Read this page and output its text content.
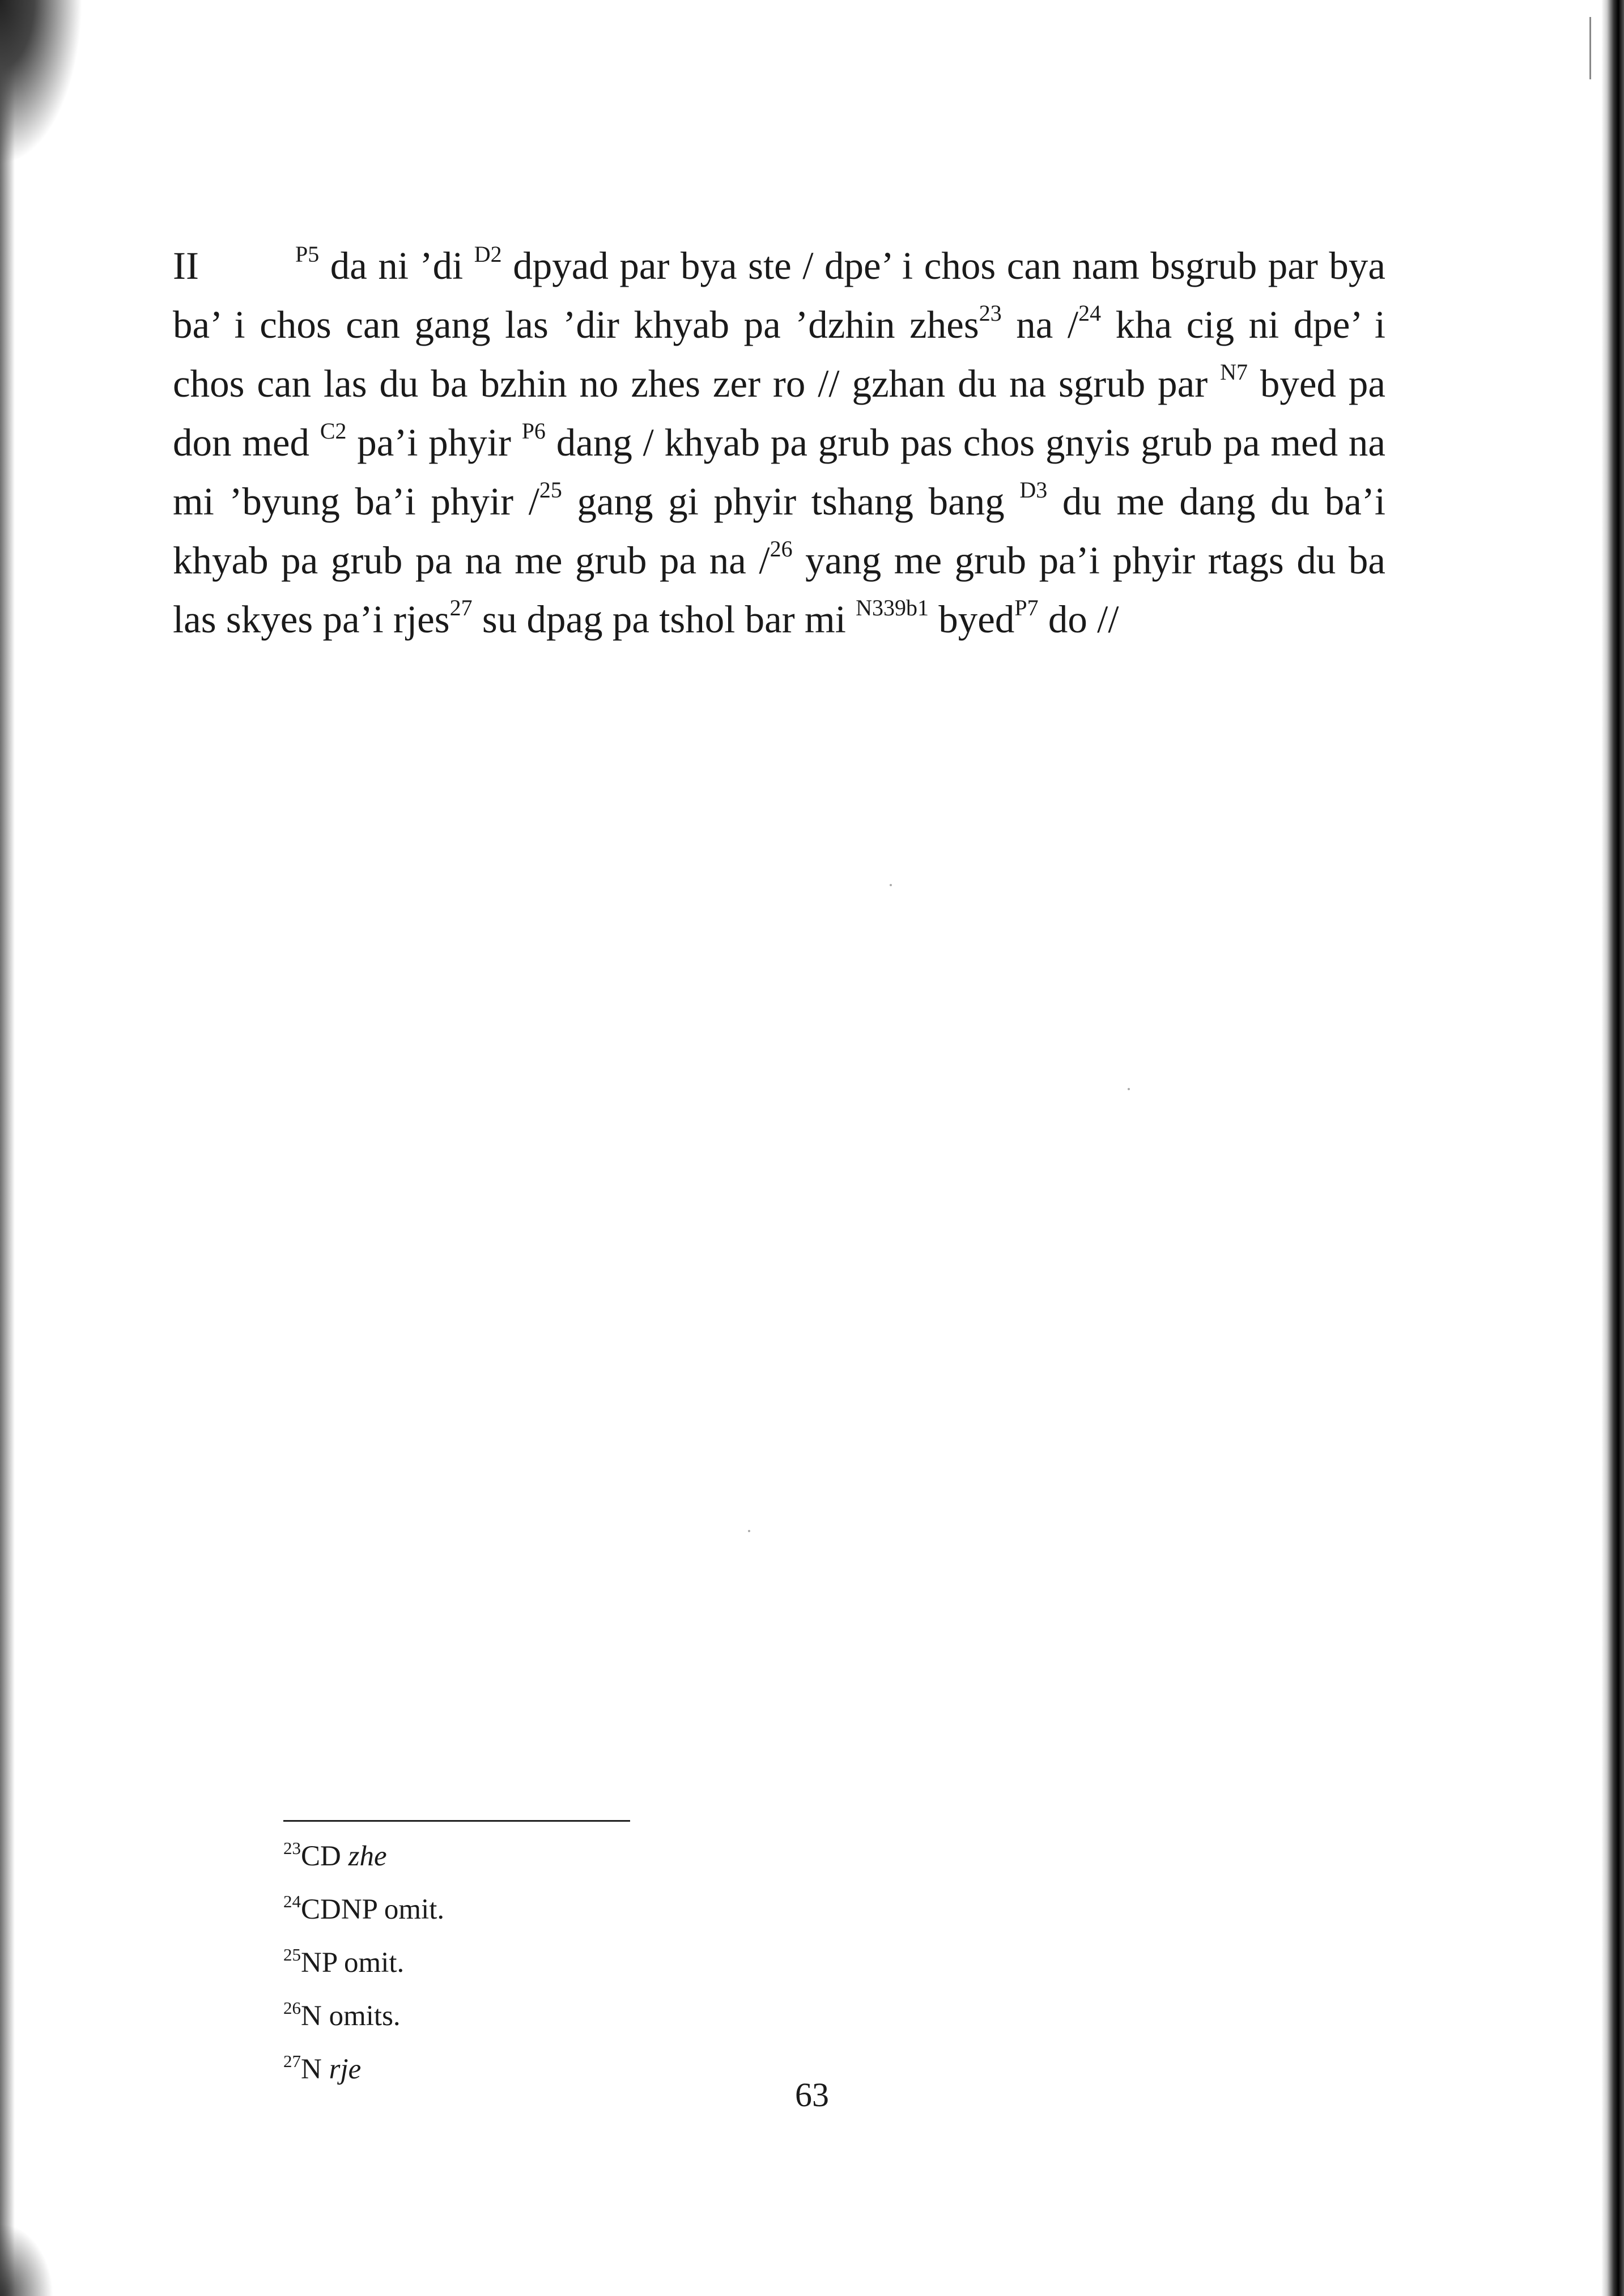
II	$^{P5}$ da ni ’di $^{D2}$ dpyad par bya ste / dpe’ i chos can nam bsgrub par bya ba’ i chos can gang las ’dir khyab pa ’dzhin zhes$^{23}$ na /$^{24}$ kha cig ni dpe’ i chos can las du ba bzhin no zhes zer ro // gzhan du na sgrub par $^{N7}$ byed pa don med $^{C2}$ pa’i phyir $^{P6}$ dang / khyab pa grub pas chos gnyis grub pa med na mi ’byung ba’i phyir /$^{25}$ gang gi phyir tshang bang $^{D3}$ du me dang du ba’i khyab pa grub pa na me grub pa na /$^{26}$ yang me grub pa’i phyir rtags du ba las skyes pa’i rjes$^{27}$ su dpag pa tshol bar mi $^{N339b1}$ byed$^{P7}$ do //

$^{23}$CD zhe
$^{24}$CDNP omit.
$^{25}$NP omit.
$^{26}$N omits.
$^{27}$N rje
63
